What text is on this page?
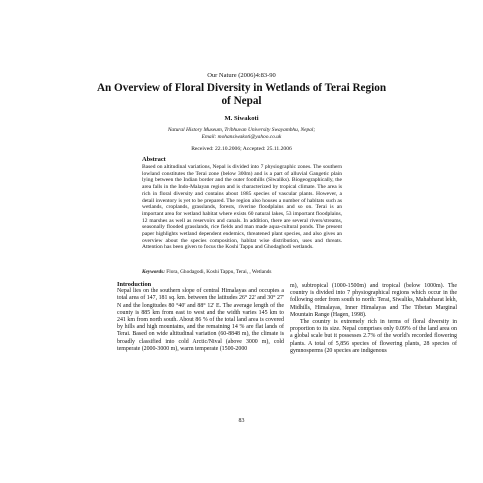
Our Nature (2006)4:83-90
An Overview of Floral Diversity in Wetlands of Terai Region of Nepal
M. Siwakoti
Natural History Museum, Tribhuvan University Swayambhu, Nepal;
Email: mohansiwakoti@yahoo.co.uk
Received: 22.10.2006; Accepted: 25.11.2006
Abstract

Based on altitudinal variations, Nepal is divided into 7 physiographic zones. The southern lowland constitutes the Terai zone (below 300m) and is a part of alluvial Gangetic plain lying between the Indian border and the outer foothills (Siwaliks). Biogeographically, the area falls in the Indo-Malayan region and is characterized by tropical climate. The area is rich in floral diversity and contains about 1885 species of vascular plants. However, a detail inventory is yet to be prepared. The region also houses a number of habitats such as wetlands, croplands, grasslands, forests, riverine floodplains and so on. Terai is an important area for wetland habitat where exists 60 natural lakes, 53 important floodplains, 12 marshes as well as reservoirs and canals. In addition, there are several rivers/streams, seasonally flooded grasslands, rice fields and man made aqua-cultural ponds. The present paper highlights wetland dependent endemics, threatened plant species, and also gives an overview about the species composition, habitat wise distribution, uses and threats. Attention has been given to focus the Koshi Tappu and Ghodaghodi wetlands.

Keywords: Flora, Ghodagodi, Koshi Tappu, Terai, , Wetlands
Introduction

Nepal lies on the southern slope of central Himalayas and occupies a total area of 147, 181 sq. km. between the latitudes 26° 22' and 30° 27' N and the longitudes 80 °40' and 88° 12' E. The average length of the county is 885 km from east to west and the width varies 145 km to 241 km from north south. About 86 % of the total land area is covered by hills and high mountains, and the remaining 14 % are flat lands of Terai. Based on wide altitudinal variation (60-8848 m), the climate is broadly classified into cold Arctic/Nival (above 3000 m), cold temperate (2000-3000 m), warm temperate (1500-2000

m), subtropical (1000-1500m) and tropical (below 1000m). The country is divided into 7 physiographical regions which occur in the following order from south to north: Terai, Siwaliks, Mahabharat lekh, Midhills, Himalayas, Inner Himalayas and The Tibetan Marginal Mountain Range (Hagen, 1998).

The country is extremely rich in terms of floral diversity in proportion to its size. Nepal comprises only 0.09% of the land area on a global scale but it possesses 2.7% of the world's recorded flowering plants. A total of 5,856 species of flowering plants, 28 species of gymnosperms (20 species are indigenous

83
